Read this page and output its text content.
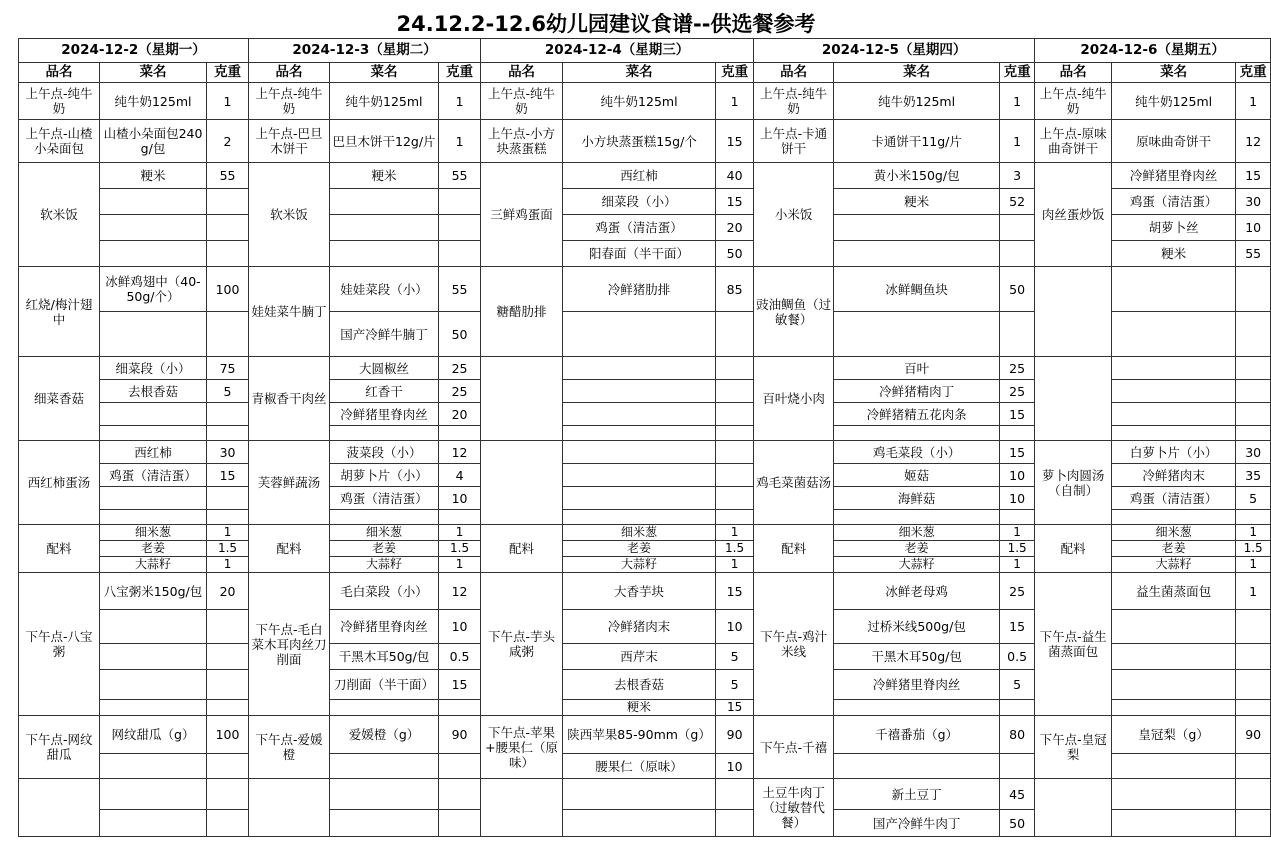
24.12.2-12.6幼儿园建议食谱--供选餐参考
2024-12-2（星期一）			2024-12-3（星期二）			2024-12-4（星期三）			2024-12-5（星期四）			2024-12-6（星期五）		
品名	菜名	克重	品名	菜名	克重	品名	菜名	克重	品名	菜名	克重	品名	菜名	克重
上午点-纯牛奶	纯牛奶125ml	1	上午点-纯牛奶	纯牛奶125ml	1	上午点-纯牛奶	纯牛奶125ml	1	上午点-纯牛奶	纯牛奶125ml	1	上午点-纯牛奶	纯牛奶125ml	1
上午点-山楂小朵面包	山楂小朵面包240g/包	2	上午点-巴旦木饼干	巴旦木饼干12g/片	1	上午点-小方块蒸蛋糕	小方块蒸蛋糕15g/个	15	上午点-卡通饼干	卡通饼干11g/片	1	上午点-原味曲奇饼干	原味曲奇饼干	12
软米饭	粳米	55	软米饭	粳米	55	三鲜鸡蛋面	西红柿	40	小米饭	黄小米150g/包	3	肉丝蛋炒饭	冷鲜猪里脊肉丝	15
							细菜段（小）	15		粳米	52		鸡蛋（清洁蛋）	30
							鸡蛋（清洁蛋）	20					胡萝卜丝	10
							阳春面（半干面）	50					粳米	55
红烧/梅汁翅中	冰鲜鸡翅中（40-50g/个）	100	娃娃菜牛腩丁	娃娃菜段（小）	55	糖醋肋排	冷鲜猪肋排	85	豉油鲷鱼（过敏餐）	冰鲜鲷鱼块	50			
				国产冷鲜牛腩丁	50									
细菜香菇	细菜段（小）	75	青椒香干肉丝	大圆椒丝	25				百叶烧小肉	百叶	25			
	去根香菇	5		红香干	25					冷鲜猪精肉丁	25			
				冷鲜猪里脊肉丝	20					冷鲜猪精五花肉条	15			

西红柿蛋汤	西红柿	30	芙蓉鲜蔬汤	菠菜段（小）	12				鸡毛菜菌菇汤	鸡毛菜段（小）	15	萝卜肉圆汤（自制）	白萝卜片（小）	30
	鸡蛋（清洁蛋）	15		胡萝卜片（小）	4					姬菇	10		冷鲜猪肉末	35
				鸡蛋（清洁蛋）	10					海鲜菇	10		鸡蛋（清洁蛋）	5

配料	细米葱	1	配料	细米葱	1	配料	细米葱	1	配料	细米葱	1	配料	细米葱	1
	老姜	1.5		老姜	1.5		老姜	1.5		老姜	1.5		老姜	1.5
	大蒜籽	1		大蒜籽	1		大蒜籽	1		大蒜籽	1		大蒜籽	1
下午点-八宝粥	八宝粥米150g/包	20	下午点-毛白菜木耳肉丝刀削面	毛白菜段（小）	12	下午点-芋头咸粥	大香芋块	15	下午点-鸡汁米线	冰鲜老母鸡	25	下午点-益生菌蒸面包	益生菌蒸面包	1
				冷鲜猪里脊肉丝	10		冷鲜猪肉末	10		过桥米线500g/包	15			
				干黑木耳50g/包	0.5		西芹末	5		干黑木耳50g/包	0.5			
				刀削面（半干面）	15		去根香菇	5		冷鲜猪里脊肉丝	5			
							粳米	15						
下午点-网纹甜瓜	网纹甜瓜（g）	100	下午点-爱媛橙	爱媛橙（g）	90	下午点-苹果+腰果仁（原味）	陕西苹果85-90mm（g）	90	下午点-千禧	千禧番茄（g）	80	下午点-皇冠梨	皇冠梨（g）	90
							腰果仁（原味）	10						
									土豆牛肉丁（过敏替代餐）	新土豆丁	45			
										国产冷鲜牛肉丁	50			
